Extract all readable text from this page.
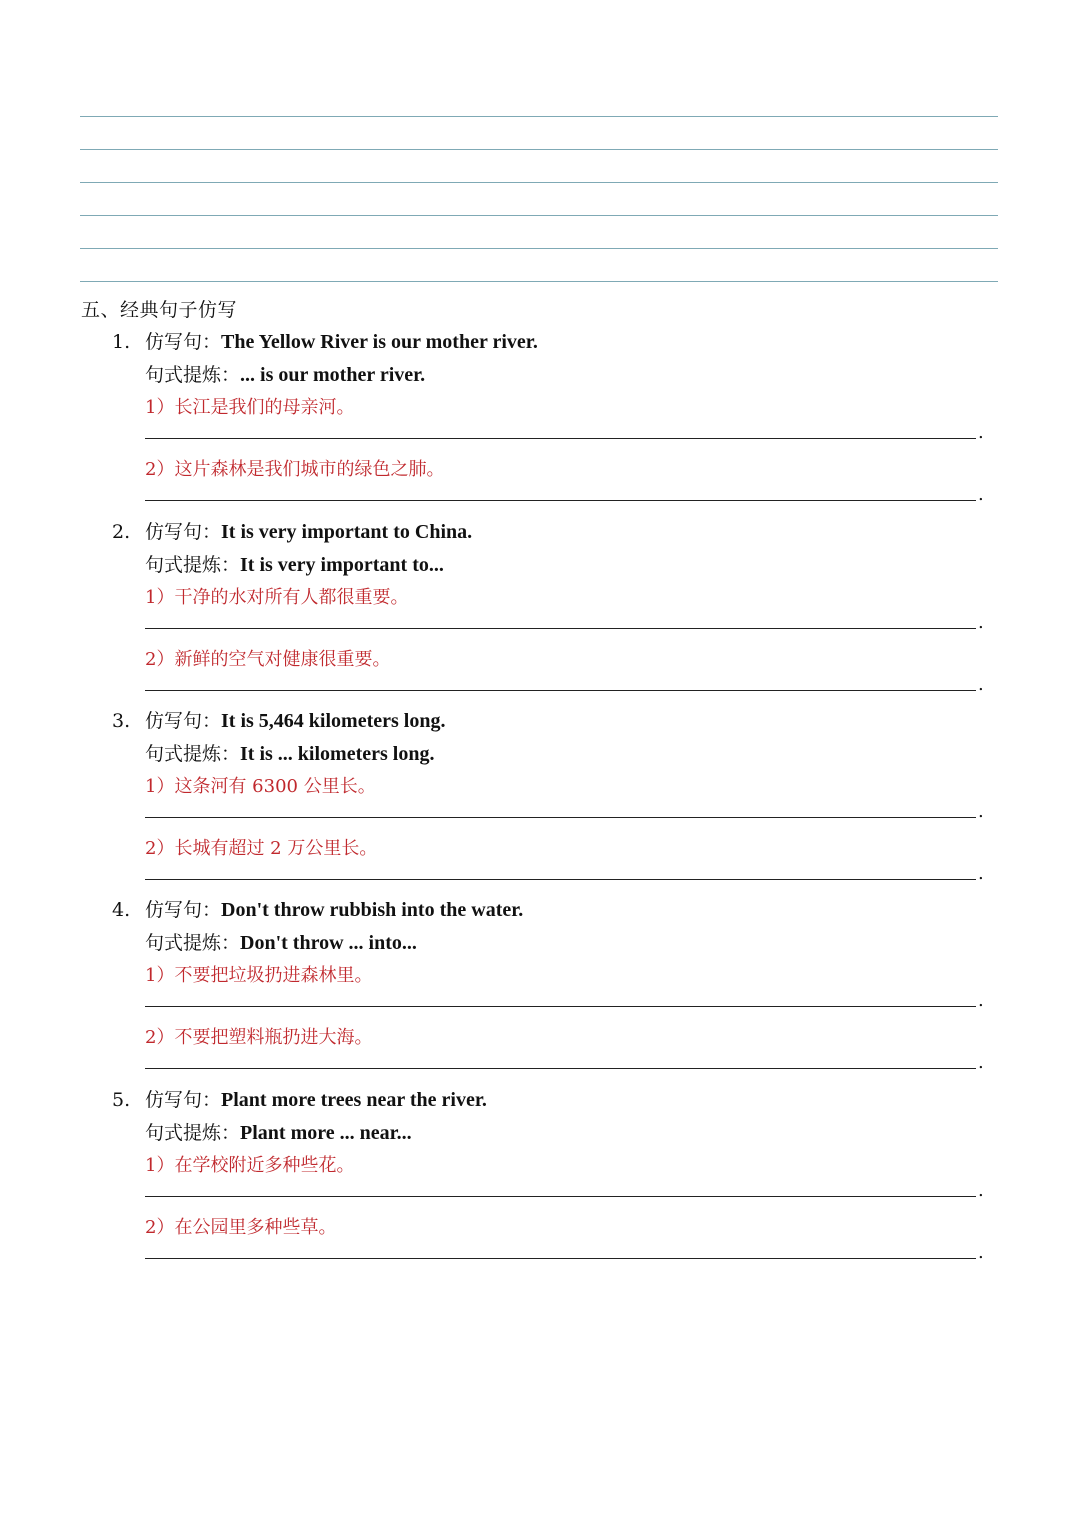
五、经典句子仿写
1. 仿写句：The Yellow River is our mother river.
句式提炼：... is our mother river.
1）长江是我们的母亲河。
.
2）这片森林是我们城市的绿色之肺。
.
2. 仿写句：It is very important to China.
句式提炼：It is very important to...
1）干净的水对所有人都很重要。
.
2）新鲜的空气对健康很重要。
.
3. 仿写句：It is 5,464 kilometers long.
句式提炼：It is ... kilometers long.
1）这条河有 6300 公里长。
.
2）长城有超过 2 万公里长。
.
4. 仿写句：Don't throw rubbish into the water.
句式提炼：Don't throw ... into...
1）不要把垃圾扔进森林里。
.
2）不要把塑料瓶扔进大海。
.
5. 仿写句：Plant more trees near the river.
句式提炼：Plant more ... near...
1）在学校附近多种些花。
.
2）在公园里多种些草。
.
